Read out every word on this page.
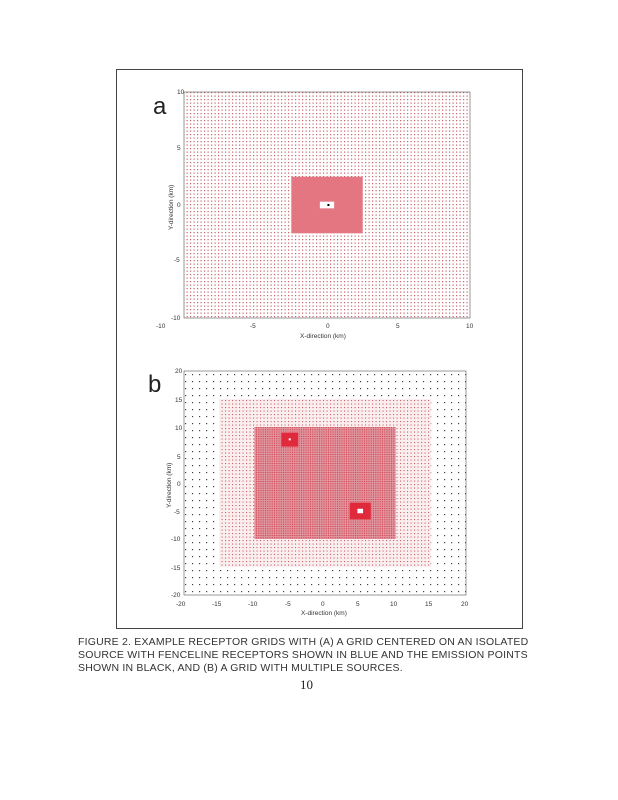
a
b
-10	-5	0	5	10
10
5
0
-5
-10
X-direction (km)
Y-direction (km)
-20	-15	-10	-5	0	5	10	15	20
20
15
10
5
0
-5
-10
-15
-20
X-direction (km)
Y-direction (km)
FIGURE 2. EXAMPLE RECEPTOR GRIDS WITH (A) A GRID CENTERED ON AN ISOLATED
SOURCE WITH FENCELINE RECEPTORS SHOWN IN BLUE AND THE EMISSION POINTS
SHOWN IN BLACK, AND (B) A GRID WITH MULTIPLE SOURCES.
10
